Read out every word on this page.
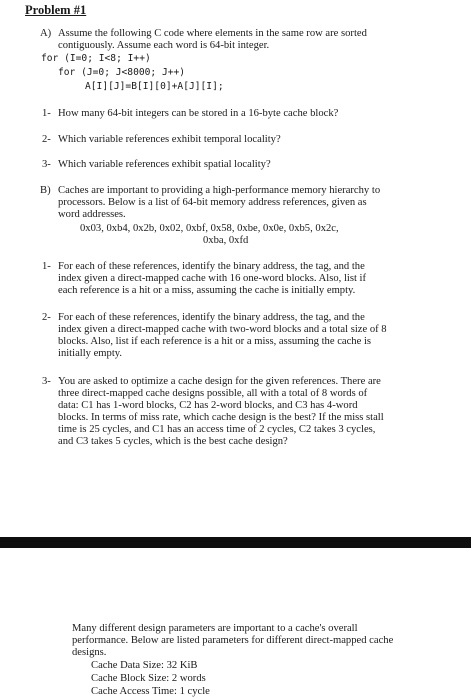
Problem #1
A) Assume the following C code where elements in the same row are sorted
contiguously. Assume each word is 64-bit integer.
for (I=0; I<8; I++)
for (J=0; J<8000; J++)
A[I][J]=B[I][0]+A[J][I];
1- How many 64-bit integers can be stored in a 16-byte cache block?
2- Which variable references exhibit temporal locality?
3- Which variable references exhibit spatial locality?
B) Caches are important to providing a high-performance memory hierarchy to
processors. Below is a list of 64-bit memory address references, given as
word addresses.
0x03, 0xb4, 0x2b, 0x02, 0xbf, 0x58, 0xbe, 0x0e, 0xb5, 0x2c,
0xba, 0xfd
1- For each of these references, identify the binary address, the tag, and the
index given a direct-mapped cache with 16 one-word blocks. Also, list if
each reference is a hit or a miss, assuming the cache is initially empty.
2- For each of these references, identify the binary address, the tag, and the
index given a direct-mapped cache with two-word blocks and a total size of 8
blocks. Also, list if each reference is a hit or a miss, assuming the cache is
initially empty.
3- You are asked to optimize a cache design for the given references. There are
three direct-mapped cache designs possible, all with a total of 8 words of
data: C1 has 1-word blocks, C2 has 2-word blocks, and C3 has 4-word
blocks. In terms of miss rate, which cache design is the best? If the miss stall
time is 25 cycles, and C1 has an access time of 2 cycles, C2 takes 3 cycles,
and C3 takes 5 cycles, which is the best cache design?
Many different design parameters are important to a cache's overall
performance. Below are listed parameters for different direct-mapped cache
designs.
Cache Data Size: 32 KiB
Cache Block Size: 2 words
Cache Access Time: 1 cycle
